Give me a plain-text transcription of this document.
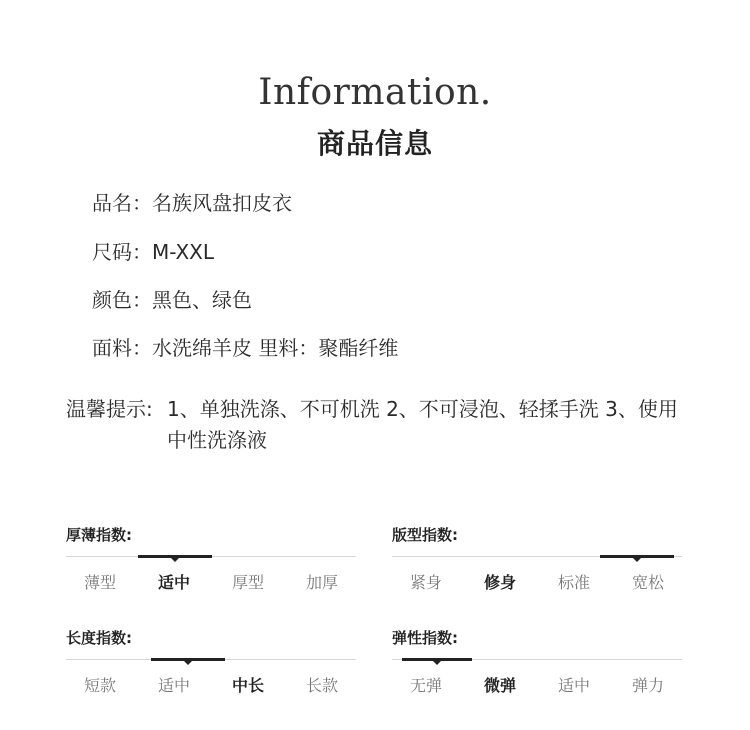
Information.
商品信息
品名：名族风盘扣皮衣
尺码：M-XXL
颜色：黑色、绿色
面料：水洗绵羊皮 里料：聚酯纤维
温馨提示: 1、单独洗涤、不可机洗 2、不可浸泡、轻揉手洗 3、使用中性洗涤液
厚薄指数:
薄型	适中	厚型	加厚
版型指数:
紧身	修身	标准	宽松
长度指数:
短款	适中	中长	长款
弹性指数:
无弹	微弹	适中	弹力
